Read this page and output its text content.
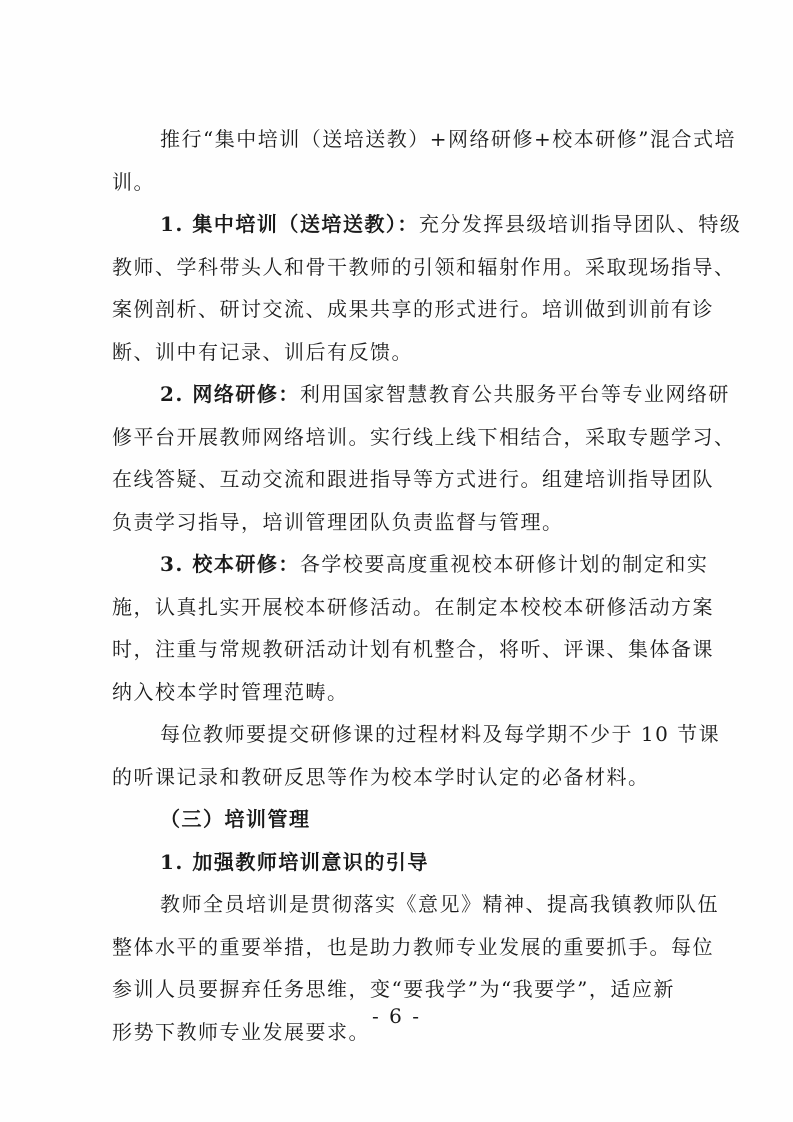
推行“集中培训（送培送教）+网络研修+校本研修”混合式培
训。
1. 集中培训（送培送教）：充分发挥县级培训指导团队、特级
教师、学科带头人和骨干教师的引领和辐射作用。采取现场指导、
案例剖析、研讨交流、成果共享的形式进行。培训做到训前有诊
断、训中有记录、训后有反馈。
2. 网络研修：利用国家智慧教育公共服务平台等专业网络研
修平台开展教师网络培训。实行线上线下相结合，采取专题学习、
在线答疑、互动交流和跟进指导等方式进行。组建培训指导团队
负责学习指导，培训管理团队负责监督与管理。
3. 校本研修：各学校要高度重视校本研修计划的制定和实
施，认真扎实开展校本研修活动。在制定本校校本研修活动方案
时，注重与常规教研活动计划有机整合，将听、评课、集体备课
纳入校本学时管理范畴。
每位教师要提交研修课的过程材料及每学期不少于 10 节课
的听课记录和教研反思等作为校本学时认定的必备材料。
（三）培训管理
1. 加强教师培训意识的引导
教师全员培训是贯彻落实《意见》精神、提高我镇教师队伍
整体水平的重要举措，也是助力教师专业发展的重要抓手。每位
参训人员要摒弃任务思维，变“要我学”为“我要学”，适应新
形势下教师专业发展要求。
- 6 -
